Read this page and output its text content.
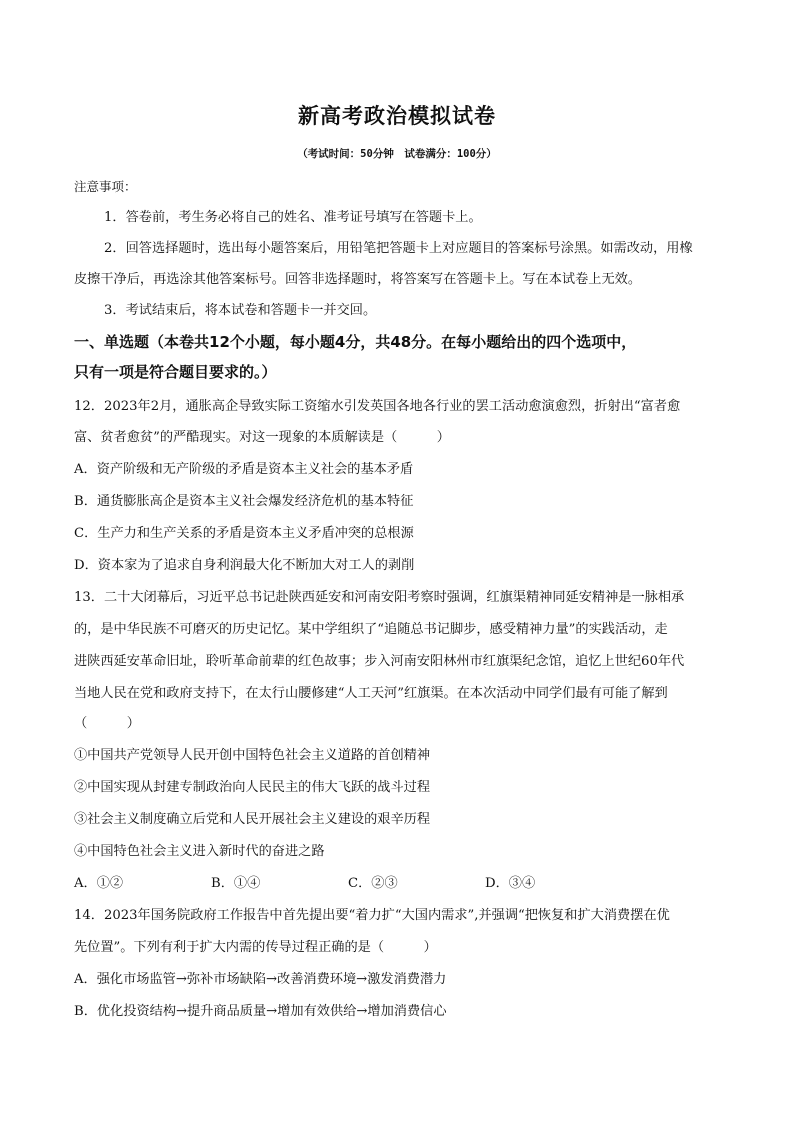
新高考政治模拟试卷
（考试时间：50分钟　试卷满分：100分）
注意事项：
1．答卷前，考生务必将自己的姓名、准考证号填写在答题卡上。
2．回答选择题时，选出每小题答案后，用铅笔把答题卡上对应题目的答案标号涂黑。如需改动，用橡
皮擦干净后，再选涂其他答案标号。回答非选择题时，将答案写在答题卡上。写在本试卷上无效。
3．考试结束后，将本试卷和答题卡一并交回。
一、单选题（本卷共12个小题，每小题4分，共48分。在每小题给出的四个选项中，
只有一项是符合题目要求的。）
12．2023年2月，通胀高企导致实际工资缩水引发英国各地各行业的罢工活动愈演愈烈，折射出“富者愈
富、贫者愈贫”的严酷现实。对这一现象的本质解读是（　　　）
A．资产阶级和无产阶级的矛盾是资本主义社会的基本矛盾
B．通货膨胀高企是资本主义社会爆发经济危机的基本特征
C．生产力和生产关系的矛盾是资本主义矛盾冲突的总根源
D．资本家为了追求自身利润最大化不断加大对工人的剥削
13．二十大闭幕后，习近平总书记赴陕西延安和河南安阳考察时强调，红旗渠精神同延安精神是一脉相承
的，是中华民族不可磨灭的历史记忆。某中学组织了“追随总书记脚步，感受精神力量”的实践活动，走
进陕西延安革命旧址，聆听革命前辈的红色故事；步入河南安阳林州市红旗渠纪念馆，追忆上世纪60年代
当地人民在党和政府支持下，在太行山腰修建“人工天河”红旗渠。在本次活动中同学们最有可能了解到
（　　　）
①中国共产党领导人民开创中国特色社会主义道路的首创精神
②中国实现从封建专制政治向人民民主的伟大飞跃的战斗过程
③社会主义制度确立后党和人民开展社会主义建设的艰辛历程
④中国特色社会主义进入新时代的奋进之路
A．①②	B．①④	C．②③	D．③④
14．2023年国务院政府工作报告中首先提出要“着力扩“大国内需求”,并强调“把恢复和扩大消费摆在优
先位置”。下列有利于扩大内需的传导过程正确的是（　　　）
A．强化市场监管→弥补市场缺陷→改善消费环境→激发消费潜力
B．优化投资结构→提升商品质量→增加有效供给→增加消费信心
